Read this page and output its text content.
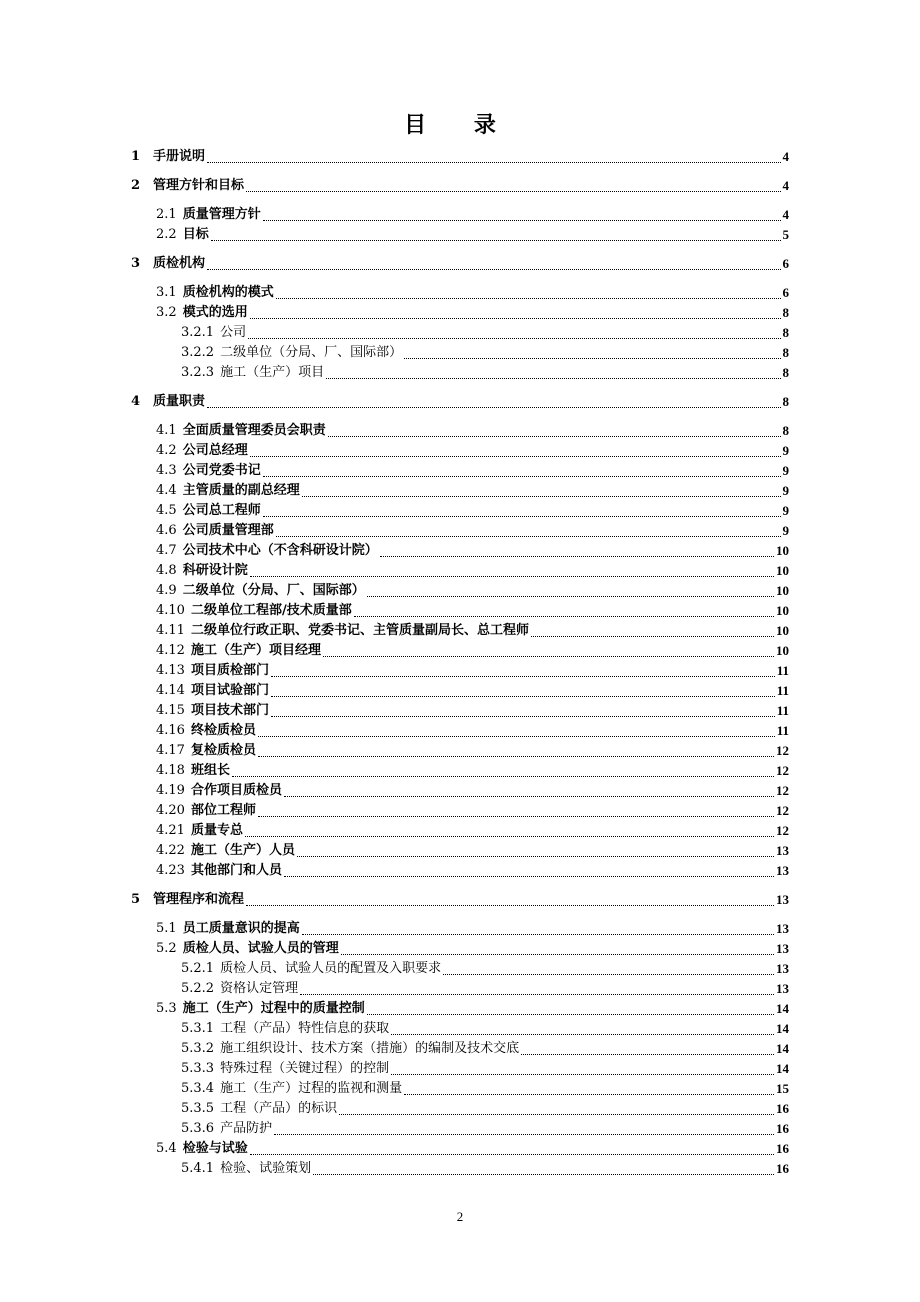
目 录
1 手册说明	4
2 管理方针和目标	4
2.1 质量管理方针	4
2.2 目标	5
3 质检机构	6
3.1 质检机构的模式	6
3.2 模式的选用	8
3.2.1 公司	8
3.2.2 二级单位（分局、厂、国际部）	8
3.2.3 施工（生产）项目	8
4 质量职责	8
4.1 全面质量管理委员会职责	8
4.2 公司总经理	9
4.3 公司党委书记	9
4.4 主管质量的副总经理	9
4.5 公司总工程师	9
4.6 公司质量管理部	9
4.7 公司技术中心（不含科研设计院）	10
4.8 科研设计院	10
4.9 二级单位（分局、厂、国际部）	10
4.10 二级单位工程部/技术质量部	10
4.11 二级单位行政正职、党委书记、主管质量副局长、总工程师	10
4.12 施工（生产）项目经理	10
4.13 项目质检部门	11
4.14 项目试验部门	11
4.15 项目技术部门	11
4.16 终检质检员	11
4.17 复检质检员	12
4.18 班组长	12
4.19 合作项目质检员	12
4.20 部位工程师	12
4.21 质量专总	12
4.22 施工（生产）人员	13
4.23 其他部门和人员	13
5 管理程序和流程	13
5.1 员工质量意识的提高	13
5.2 质检人员、试验人员的管理	13
5.2.1 质检人员、试验人员的配置及入职要求	13
5.2.2 资格认定管理	13
5.3 施工（生产）过程中的质量控制	14
5.3.1 工程（产品）特性信息的获取	14
5.3.2 施工组织设计、技术方案（措施）的编制及技术交底	14
5.3.3 特殊过程（关键过程）的控制	14
5.3.4 施工（生产）过程的监视和测量	15
5.3.5 工程（产品）的标识	16
5.3.6 产品防护	16
5.4 检验与试验	16
5.4.1 检验、试验策划	16
2
